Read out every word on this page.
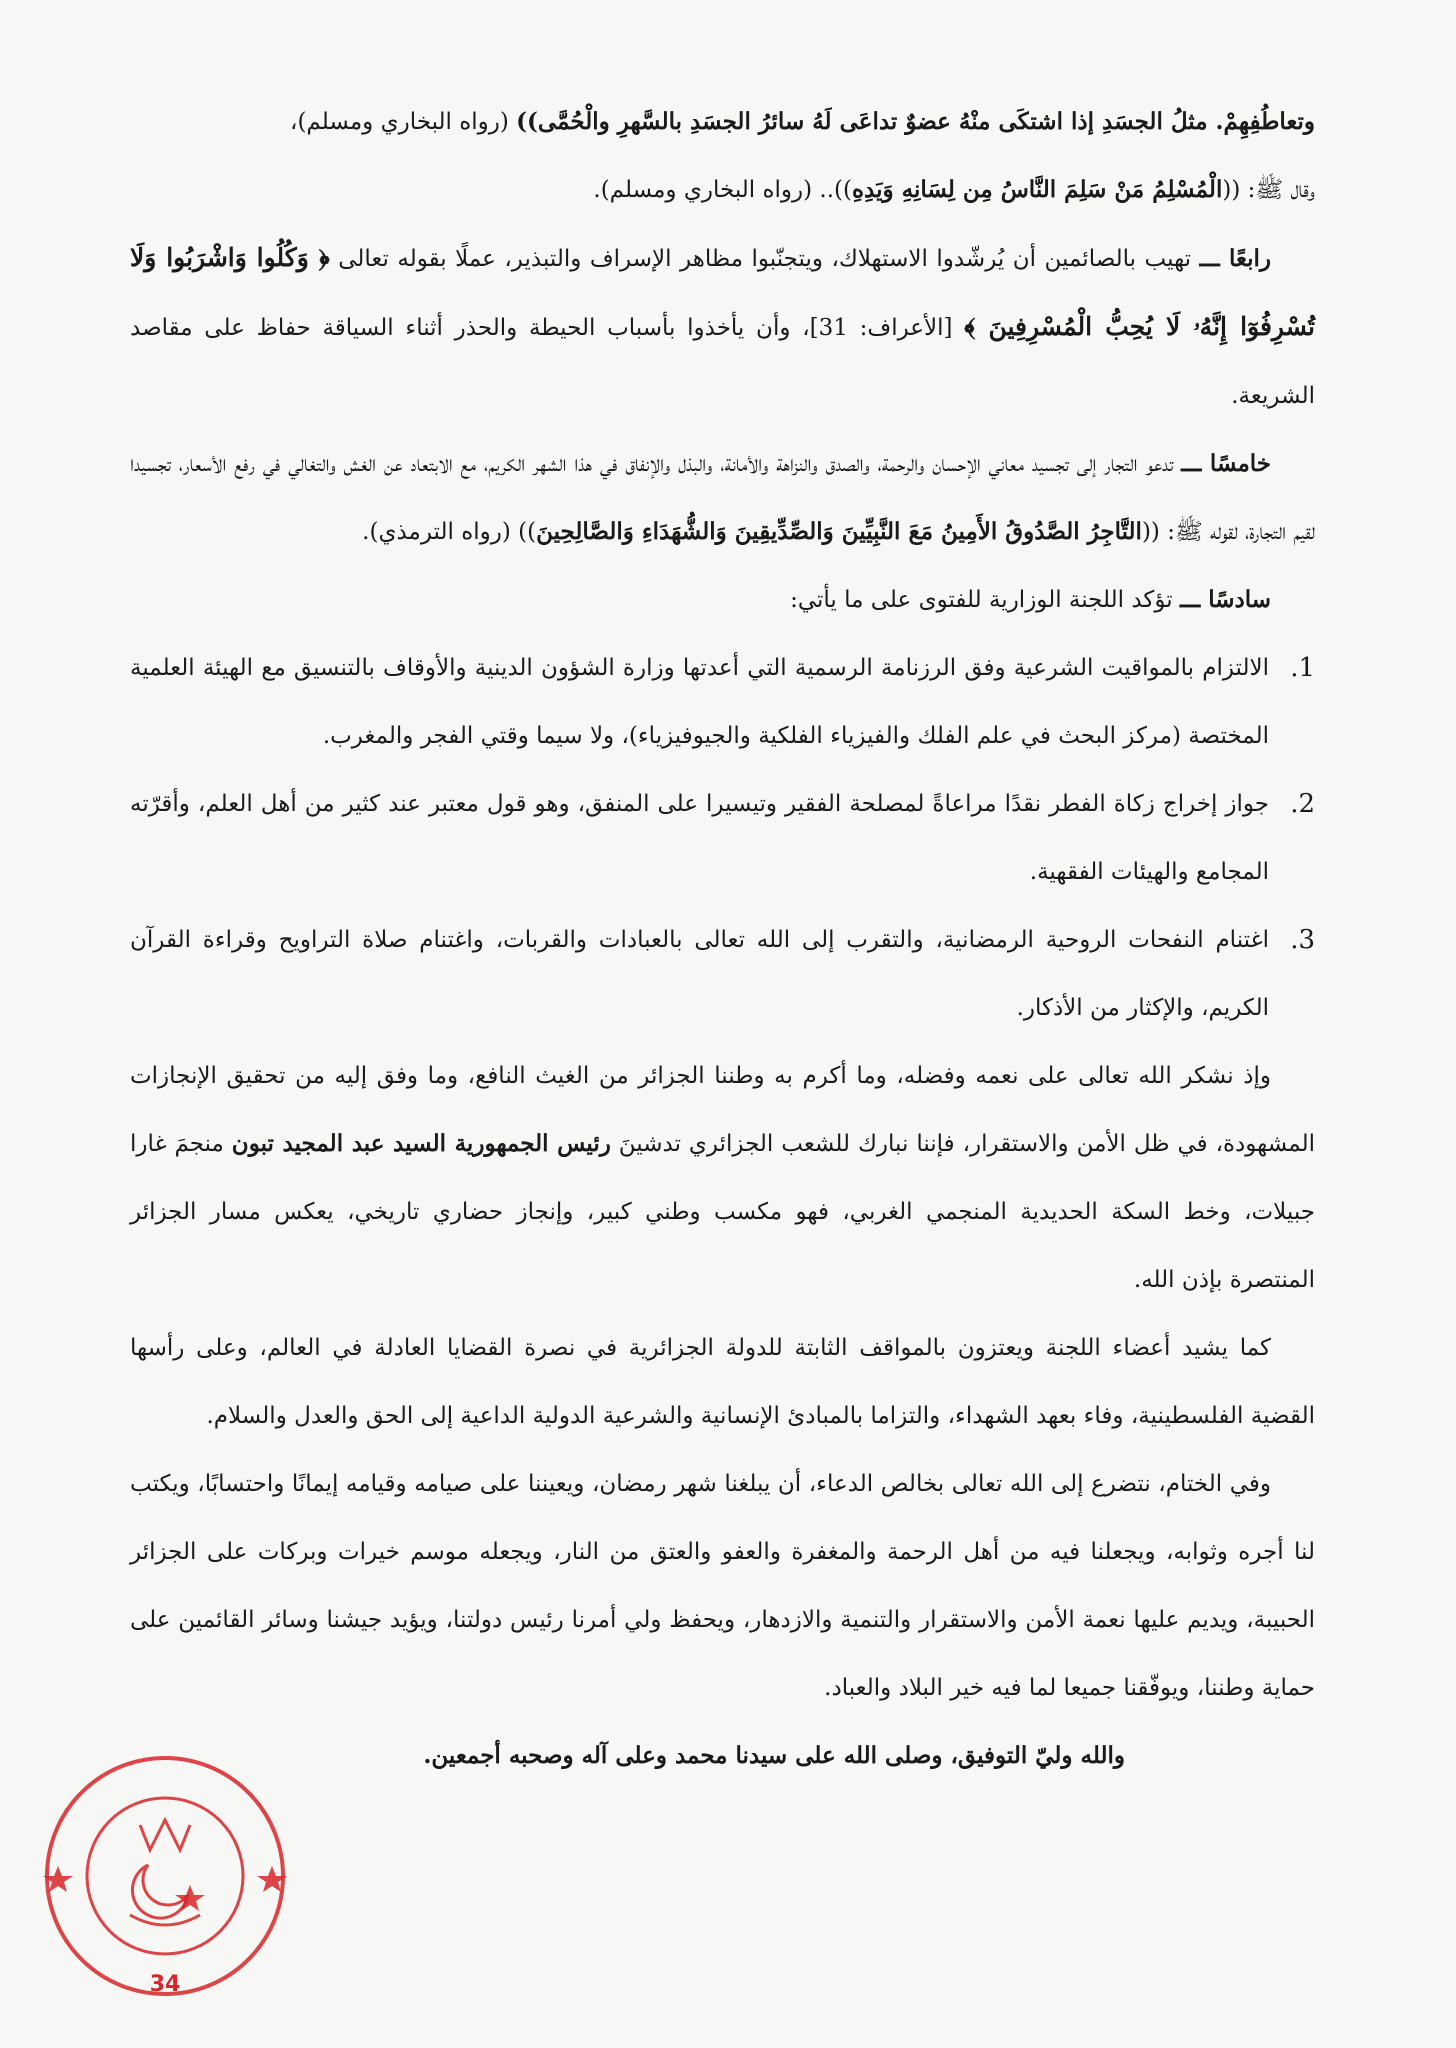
وتعاطُفِهِمْ. مثلُ الجسَدِ إذا اشتكَى منْهُ عضوٌ تداعَى لَهُ سائرُ الجسَدِ بالسَّهرِ والْحُمَّى)) (رواه البخاري ومسلم)،
وقال ﷺ: ((الْمُسْلِمُ مَنْ سَلِمَ النَّاسُ مِن لِسَانِهِ وَيَدِهِ)).. (رواه البخاري ومسلم).

رابعًا ـــ تهيب بالصائمين أن يُرشّدوا الاستهلاك، ويتجنّبوا مظاهر الإسراف والتبذير، عملًا بقوله تعالى ﴿ وَكُلُوا وَاشْرَبُوا وَلَا تُسْرِفُوٓا إِنَّهُۥ لَا يُحِبُّ الْمُسْرِفِينَ ﴾ [الأعراف: 31]، وأن يأخذوا بأسباب الحيطة والحذر أثناء السياقة حفاظ على مقاصد الشريعة.

خامسًا ـــ تدعو التجار إلى تجسيد معاني الإحسان والرحمة، والصدق والنزاهة والأمانة، والبذل والإنفاق في هذا الشهر الكريم، مع الابتعاد عن الغش والتغالي في رفع الأسعار، تجسيدا لقيم التجارة، لقوله ﷺ: ((التَّاجِرُ الصَّدُوقُ الأَمِينُ مَعَ النَّبِيِّينَ وَالصِّدِّيقِينَ وَالشُّهَدَاءِ وَالصَّالِحِينَ)) (رواه الترمذي).

سادسًا ـــ تؤكد اللجنة الوزارية للفتوى على ما يأتي:

1.
الالتزام بالمواقيت الشرعية وفق الرزنامة الرسمية التي أعدتها وزارة الشؤون الدينية والأوقاف بالتنسيق مع الهيئة العلمية المختصة (مركز البحث في علم الفلك والفيزياء الفلكية والجيوفيزياء)، ولا سيما وقتي الفجر والمغرب.
2.
جواز إخراج زكاة الفطر نقدًا مراعاةً لمصلحة الفقير وتيسيرا على المنفق، وهو قول معتبر عند كثير من أهل العلم، وأقرّته المجامع والهيئات الفقهية.
3.
اغتنام النفحات الروحية الرمضانية، والتقرب إلى الله تعالى بالعبادات والقربات، واغتنام صلاة التراويح وقراءة القرآن الكريم، والإكثار من الأذكار.

وإذ نشكر الله تعالى على نعمه وفضله، وما أكرم به وطننا الجزائر من الغيث النافع، وما وفق إليه من تحقيق الإنجازات المشهودة، في ظل الأمن والاستقرار، فإننا نبارك للشعب الجزائري تدشينَ رئيس الجمهورية السيد عبد المجيد تبون منجمَ غارا جبيلات، وخط السكة الحديدية المنجمي الغربي، فهو مكسب وطني كبير، وإنجاز حضاري تاريخي، يعكس مسار الجزائر المنتصرة بإذن الله.

كما يشيد أعضاء اللجنة ويعتزون بالمواقف الثابتة للدولة الجزائرية في نصرة القضايا العادلة في العالم، وعلى رأسها القضية الفلسطينية، وفاء بعهد الشهداء، والتزاما بالمبادئ الإنسانية والشرعية الدولية الداعية إلى الحق والعدل والسلام.

وفي الختام، نتضرع إلى الله تعالى بخالص الدعاء، أن يبلغنا شهر رمضان، ويعيننا على صيامه وقيامه إيمانًا واحتسابًا، ويكتب لنا أجره وثوابه، ويجعلنا فيه من أهل الرحمة والمغفرة والعفو والعتق من النار، ويجعله موسم خيرات وبركات على الجزائر الحبيبة، ويديم عليها نعمة الأمن والاستقرار والتنمية والازدهار، ويحفظ ولي أمرنا رئيس دولتنا، ويؤيد جيشنا وسائر القائمين على حماية وطننا، ويوفّقنا جميعا لما فيه خير البلاد والعباد.

والله وليّ التوفيق، وصلى الله على سيدنا محمد وعلى آله وصحبه أجمعين.

34
